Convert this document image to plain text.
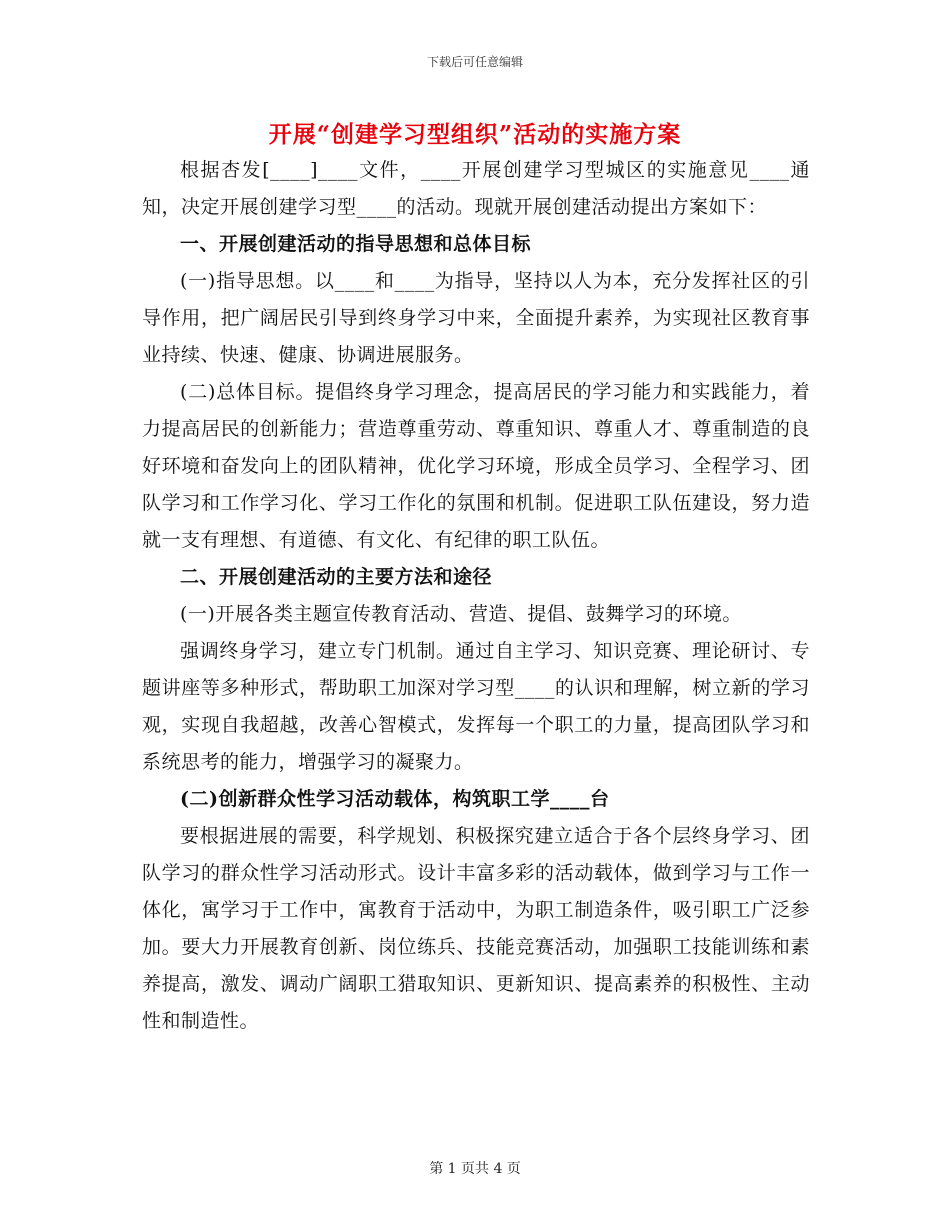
下载后可任意编辑
开展“创建学习型组织”活动的实施方案

根据杏发[____]____文件，____开展创建学习型城区的实施意见____通知，决定开展创建学习型____的活动。现就开展创建活动提出方案如下：

一、开展创建活动的指导思想和总体目标

(一)指导思想。以____和____为指导，坚持以人为本，充分发挥社区的引导作用，把广阔居民引导到终身学习中来，全面提升素养，为实现社区教育事业持续、快速、健康、协调进展服务。

(二)总体目标。提倡终身学习理念，提高居民的学习能力和实践能力，着力提高居民的创新能力；营造尊重劳动、尊重知识、尊重人才、尊重制造的良好环境和奋发向上的团队精神，优化学习环境，形成全员学习、全程学习、团队学习和工作学习化、学习工作化的氛围和机制。促进职工队伍建设，努力造就一支有理想、有道德、有文化、有纪律的职工队伍。

二、开展创建活动的主要方法和途径

(一)开展各类主题宣传教育活动、营造、提倡、鼓舞学习的环境。

强调终身学习，建立专门机制。通过自主学习、知识竞赛、理论研讨、专题讲座等多种形式，帮助职工加深对学习型____的认识和理解，树立新的学习观，实现自我超越，改善心智模式，发挥每一个职工的力量，提高团队学习和系统思考的能力，增强学习的凝聚力。

(二)创新群众性学习活动载体，构筑职工学____台

要根据进展的需要，科学规划、积极探究建立适合于各个层终身学习、团队学习的群众性学习活动形式。设计丰富多彩的活动载体，做到学习与工作一体化，寓学习于工作中，寓教育于活动中，为职工制造条件，吸引职工广泛参加。要大力开展教育创新、岗位练兵、技能竞赛活动，加强职工技能训练和素养提高，激发、调动广阔职工猎取知识、更新知识、提高素养的积极性、主动性和制造性。

第 1 页共 4 页
